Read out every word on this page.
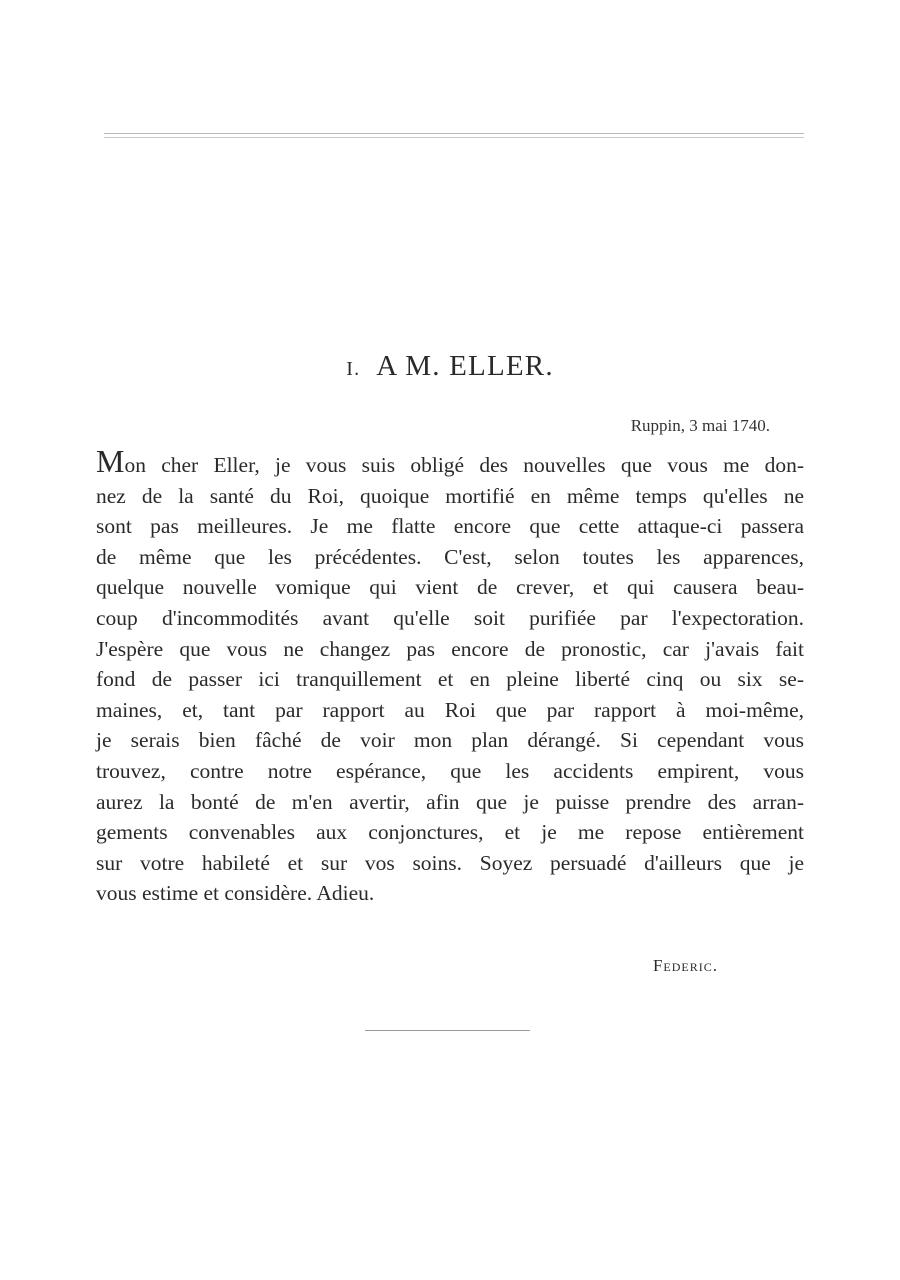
I. A M. ELLER.
Ruppin, 3 mai 1740.
Mon cher Eller, je vous suis obligé des nouvelles que vous me don-
nez de la santé du Roi, quoique mortifié en même temps qu'elles ne
sont pas meilleures. Je me flatte encore que cette attaque-ci passera
de même que les précédentes. C'est, selon toutes les apparences,
quelque nouvelle vomique qui vient de crever, et qui causera beau-
coup d'incommodités avant qu'elle soit purifiée par l'expectoration.
J'espère que vous ne changez pas encore de pronostic, car j'avais fait
fond de passer ici tranquillement et en pleine liberté cinq ou six se-
maines, et, tant par rapport au Roi que par rapport à moi-même,
je serais bien fâché de voir mon plan dérangé. Si cependant vous
trouvez, contre notre espérance, que les accidents empirent, vous
aurez la bonté de m'en avertir, afin que je puisse prendre des arran-
gements convenables aux conjonctures, et je me repose entièrement
sur votre habileté et sur vos soins. Soyez persuadé d'ailleurs que je
vous estime et considère. Adieu.
Federic.
